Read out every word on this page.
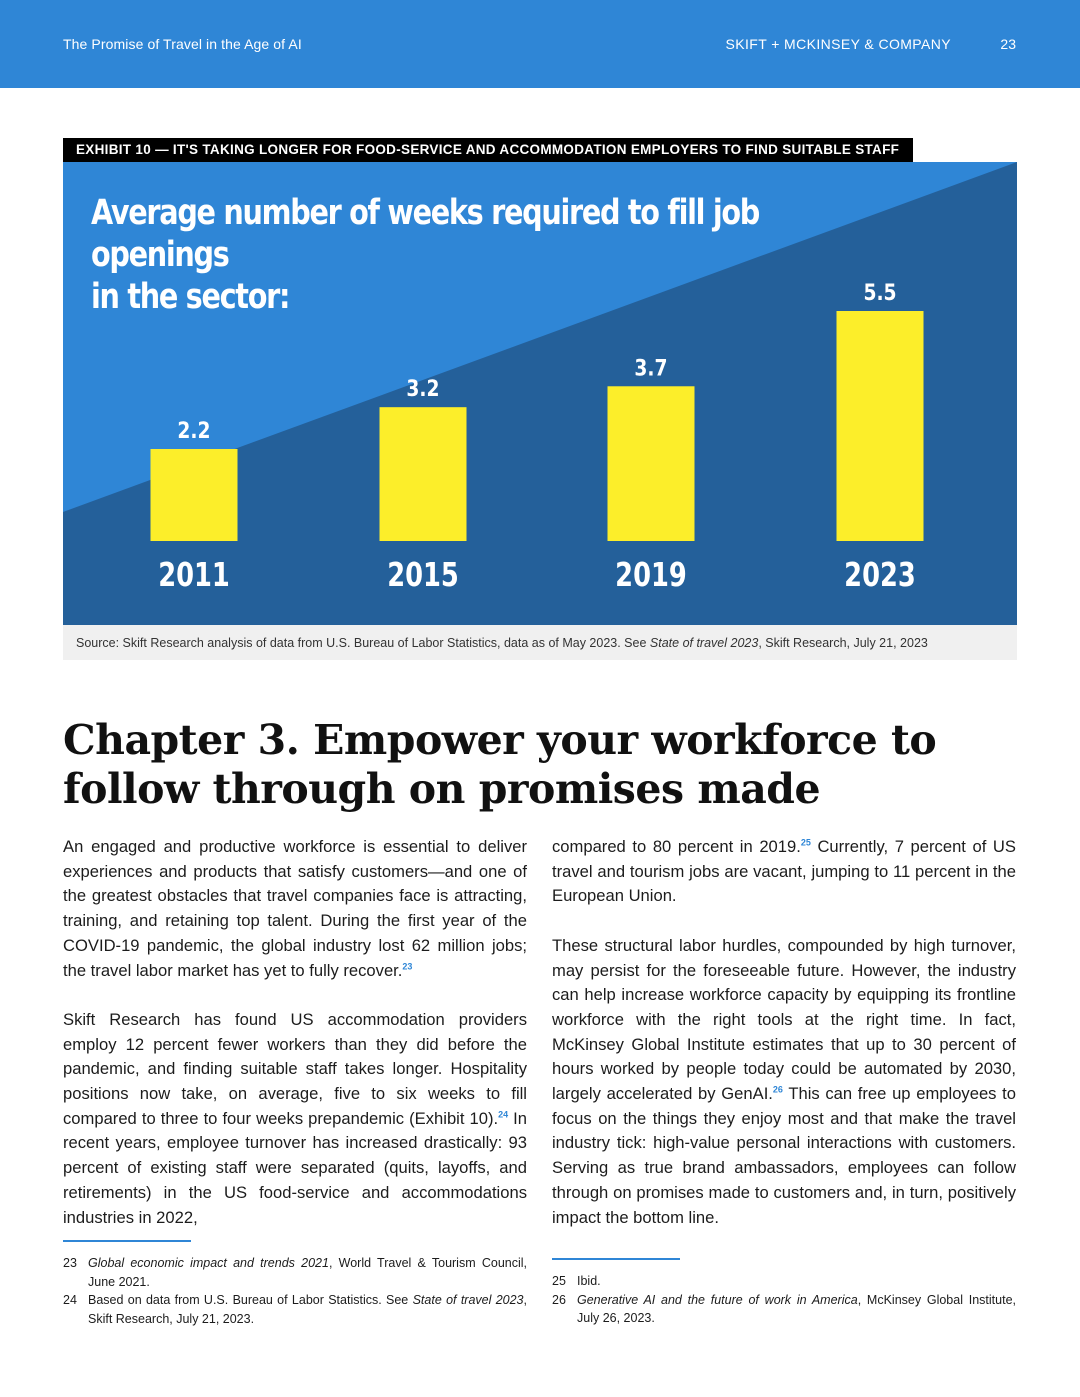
The Promise of Travel in the Age of AI	SKIFT + MCKINSEY & COMPANY	23
EXHIBIT 10 — IT'S TAKING LONGER FOR FOOD-SERVICE AND ACCOMMODATION EMPLOYERS TO FIND SUITABLE STAFF
2.2
2011
3.2
2015
3.7
2019
5.5
2023
Average number of weeks required to fill job openings
in the sector:
Source: Skift Research analysis of data from U.S. Bureau of Labor Statistics, data as of May 2023. See State of travel 2023, Skift Research, July 21, 2023
Chapter 3. Empower your workforce to follow through on promises made

An engaged and productive workforce is essential to deliver experiences and products that satisfy customers—and one of the greatest obstacles that travel companies face is attracting, training, and retaining top talent. During the first year of the COVID-19 pandemic, the global industry lost 62 million jobs; the travel labor market has yet to fully recover.$^{23}$

Skift Research has found US accommodation providers employ 12 percent fewer workers than they did before the pandemic, and finding suitable staff takes longer. Hospitality positions now take, on average, five to six weeks to fill compared to three to four weeks prepandemic (Exhibit 10).$^{24}$ In recent years, employee turnover has increased drastically: 93 percent of existing staff were separated (quits, layoffs, and retirements) in the US food-service and accommodations industries in 2022,

compared to 80 percent in 2019.25 Currently, 7 percent of US travel and tourism jobs are vacant, jumping to 11 percent in the European Union.

These structural labor hurdles, compounded by high turnover, may persist for the foreseeable future. However, the industry can help increase workforce capacity by equipping its frontline workforce with the right tools at the right time. In fact, McKinsey Global Institute estimates that up to 30 percent of hours worked by people today could be automated by 2030, largely accelerated by GenAI.$^{26}$ This can free up employees to focus on the things they enjoy most and that make the travel industry tick: high-value personal interactions with customers. Serving as true brand ambassadors, employees can follow through on promises made to customers and, in turn, positively impact the bottom line.

23 Global economic impact and trends 2021, World Travel & Tourism Council, June 2021.
24 Based on data from U.S. Bureau of Labor Statistics. See State of travel 2023, Skift Research, July 21, 2023.
25 Ibid.
26 Generative AI and the future of work in America, McKinsey Global Institute, July 26, 2023.
